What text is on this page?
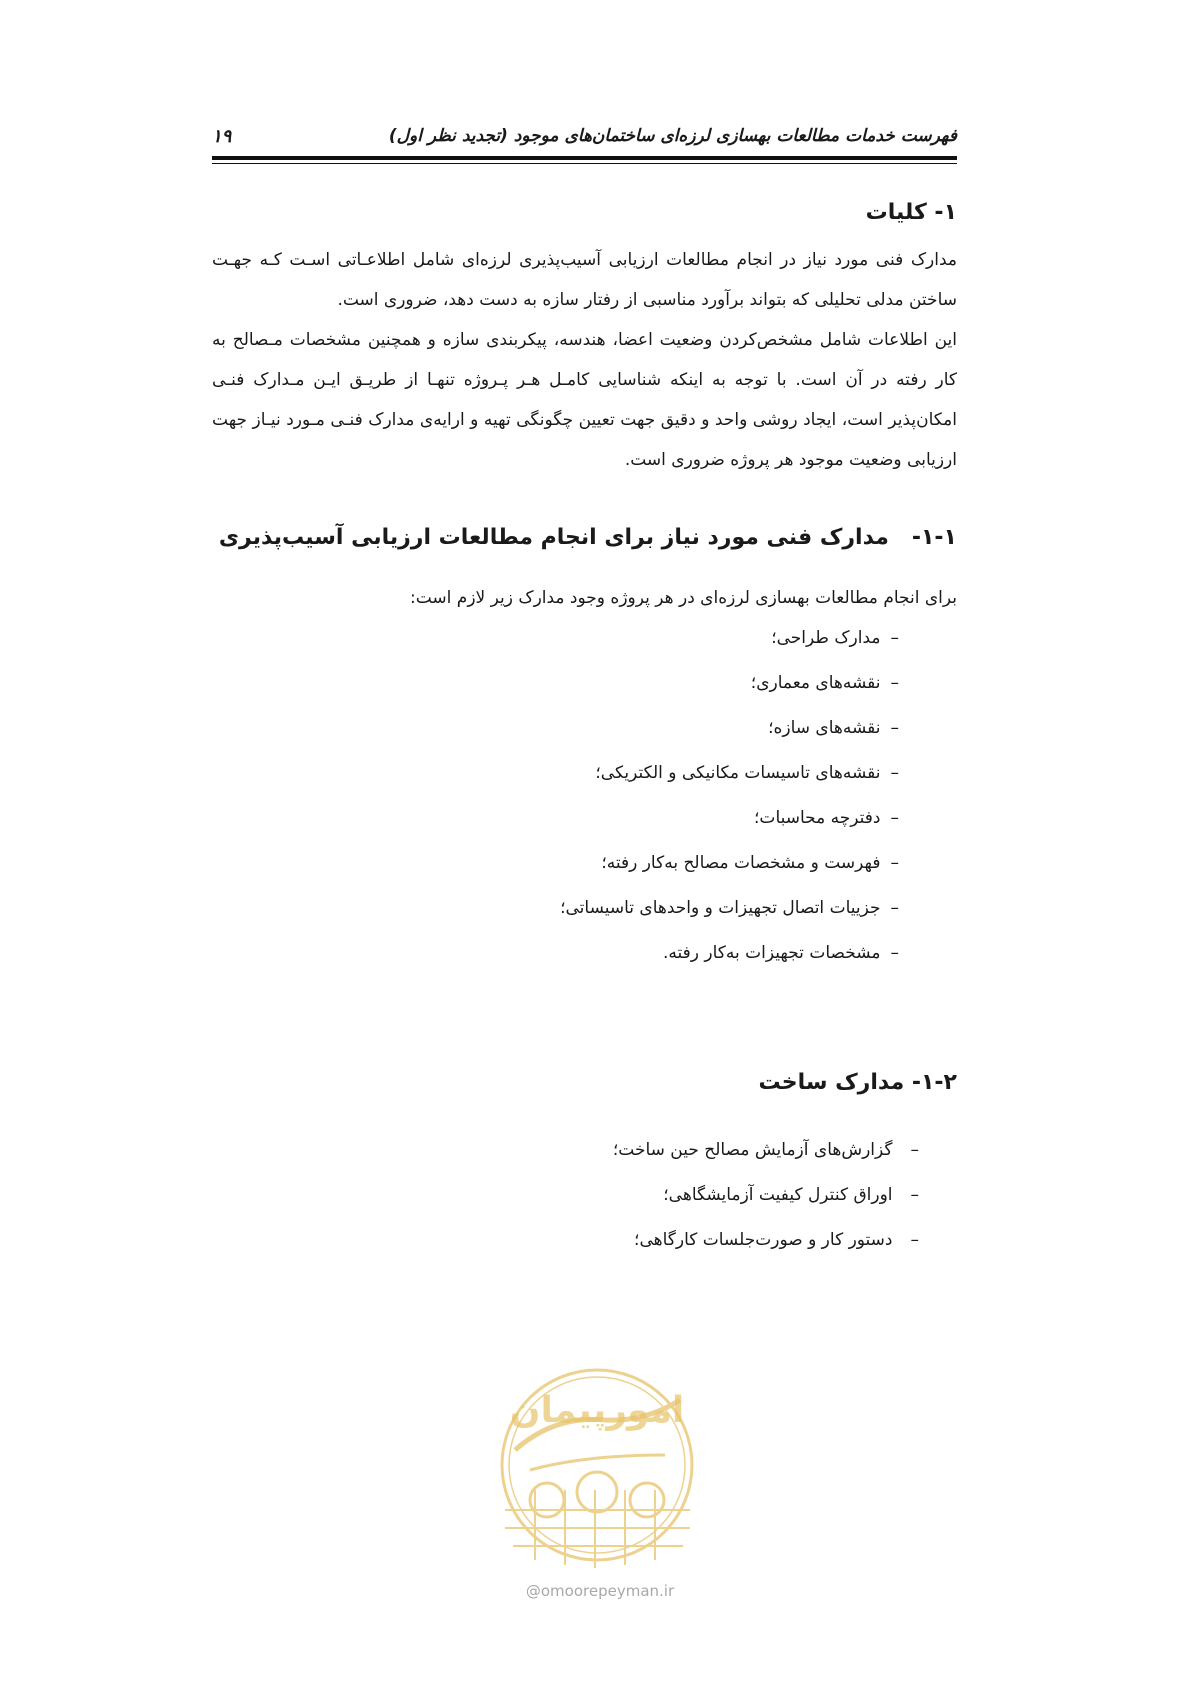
فهرست خدمات مطالعات بهسازی لرزه‌ای ساختمان‌های موجود (تجدید نظر اول)
۱۹
۱- کلیات

مدارک فنی مورد نیاز در انجام مطالعات ارزیابی آسیب‌پذیری لرزه‌ای شامل اطلاعـاتی اسـت کـه جهـت ساختن مدلی تحلیلی که بتواند برآورد مناسبی از رفتار سازه به دست دهد، ضروری است.

این اطلاعات شامل مشخص‌کردن وضعیت اعضا، هندسه، پیکربندی سازه و همچنین مشخصات مـصالح به کار رفته در آن است. با توجه به اینکه شناسایی کامـل هـر پـروژه تنهـا از طریـق ایـن مـدارک فنـی امکان‌پذیر است، ایجاد روشی واحد و دقیق جهت تعیین چگونگی تهیه و ارایه‌ی مدارک فنـی مـورد نیـاز جهت ارزیابی وضعیت موجود هر پروژه ضروری است.

۱-۱-   مدارک فنی مورد نیاز برای انجام مطالعات ارزیابی آسیب‌پذیری

برای انجام مطالعات بهسازی لرزه‌ای در هر پروژه وجود مدارک زیر لازم است:

–مدارک طراحی؛
–نقشه‌های معماری؛
–نقشه‌های سازه؛
–نقشه‌های تاسیسات مکانیکی و الکتریکی؛
–دفترچه محاسبات؛
–فهرست و مشخصات مصالح به‌کار رفته؛
–جزییات اتصال تجهیزات و واحدهای تاسیساتی؛
–مشخصات تجهیزات به‌کار رفته.
۱-۲- مدارک ساخت
–گزارش‌های آزمایش مصالح حین ساخت؛
–اوراق کنترل کیفیت آزمایشگاهی؛
–دستور کار و صورت‌جلسات کارگاهی؛
امورپیمان
@omoorepeyman.ir
